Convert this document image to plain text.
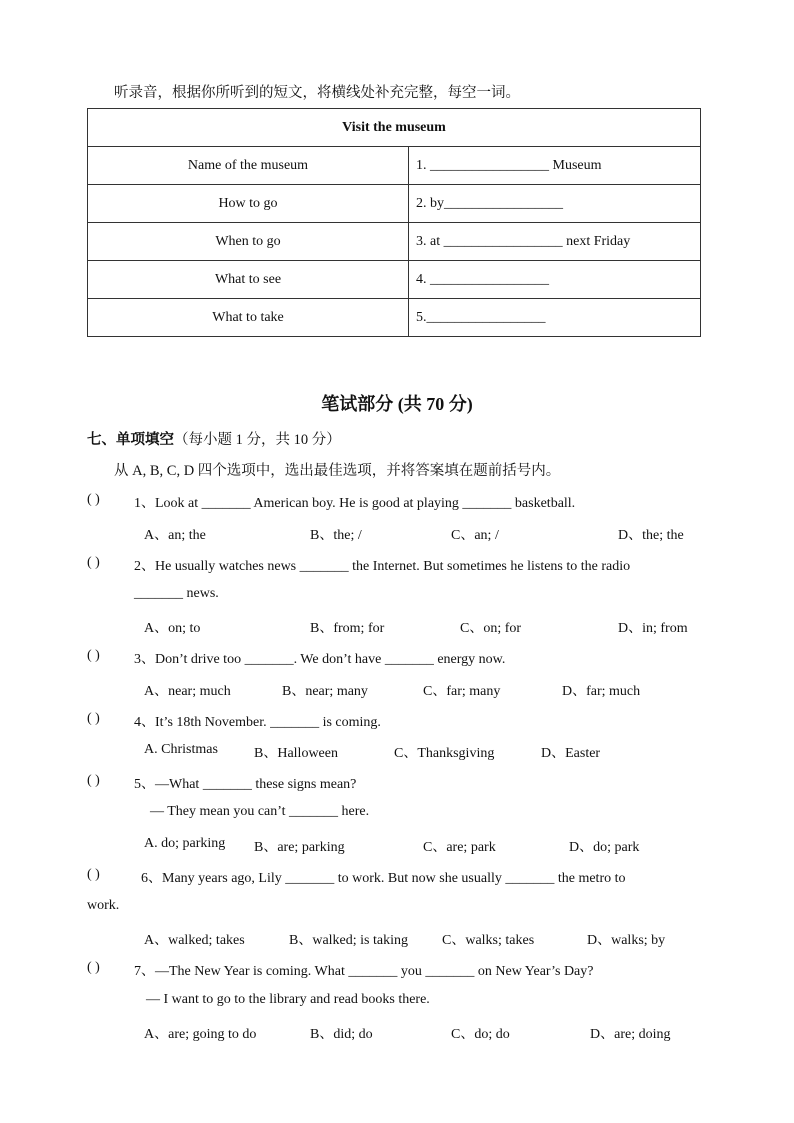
听录音，根据你所听到的短文，将横线处补充完整，每空一词。
Visit the museum	
Name of the museum	1. _________________ Museum
How to go	2. by_________________
When to go	3. at _________________ next Friday
What to see	4. _________________
What to take	5._________________
笔试部分 (共 70 分)
七、单项填空（每小题 1 分，共 10 分）
从 A, B, C, D 四个选项中，选出最佳选项，并将答案填在题前括号内。
( ) 1、Look at _______ American boy. He is good at playing _______ basketball.
A、an; the	B、the; /	C、an; /	D、the; the
( ) 2、He usually watches news _______ the Internet. But sometimes he listens to the radio
_______ news.
A、on; to	B、from; for	C、on; for	D、in; from
( ) 3、Don’t drive too _______. We don’t have _______ energy now.
A、near; much	B、near; many	C、far; many	D、far; much
( ) 4、It’s 18th November. _______ is coming.
A. Christmas	B、Halloween	C、Thanksgiving	D、Easter
( ) 5、—What _______ these signs mean?
— They mean you can’t _______ here.
A. do; parking B、are; parking	C、are; park	D、do; park
( )	6、Many years ago, Lily _______ to work. But now she usually _______ the metro to
work.
A、walked; takes	B、walked; is taking C、walks; takes	D、walks; by
( ) 7、—The New Year is coming. What _______ you _______ on New Year’s Day?
— I want to go to the library and read books there.
A、are; going to do	B、did; do	C、do; do	D、are; doing
